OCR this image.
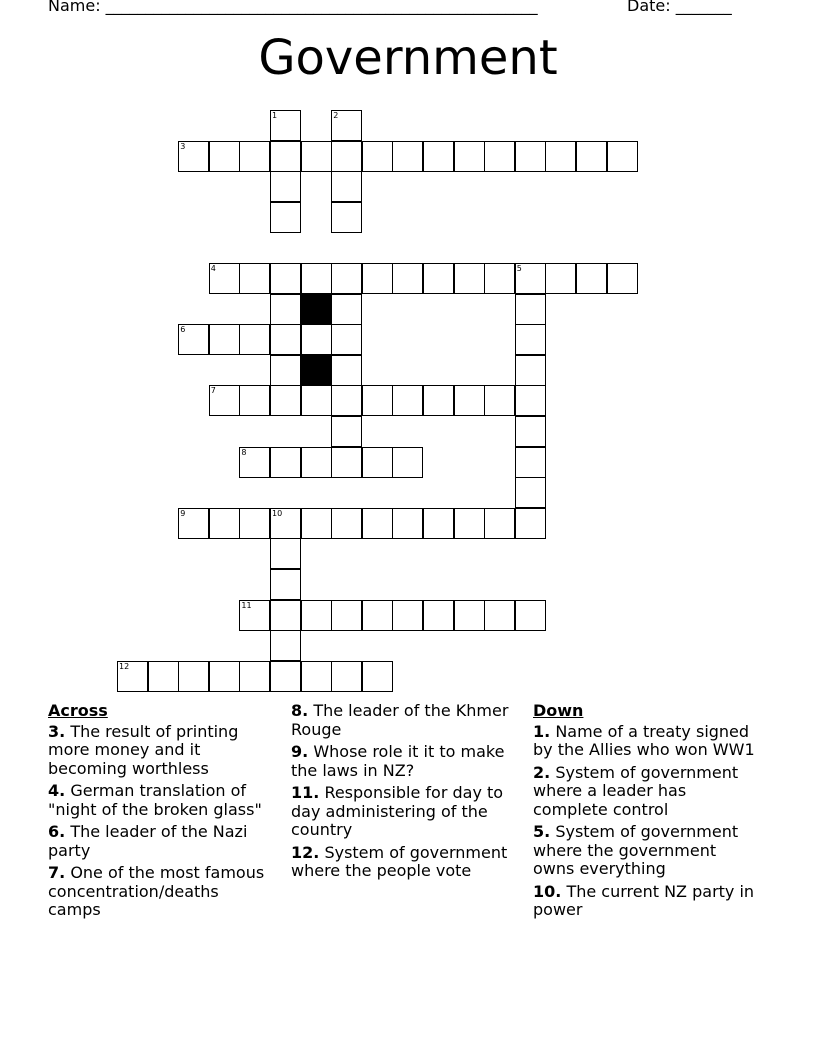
Name: ______________________________________________________	Date: _______
Government
1	2
3
4	5
6
7
8
9	10
11
12
Across
3. The result of printing more money and it becoming worthless
4. German translation of "night of the broken glass"
6. The leader of the Nazi party
7. One of the most famous concentration/deaths camps
8. The leader of the Khmer Rouge
9. Whose role it it to make the laws in NZ?
11. Responsible for day to day administering of the country
12. System of government where the people vote
Down
1. Name of a treaty signed by the Allies who won WW1
2. System of government where a leader has complete control
5. System of government where the government owns everything
10. The current NZ party in power
